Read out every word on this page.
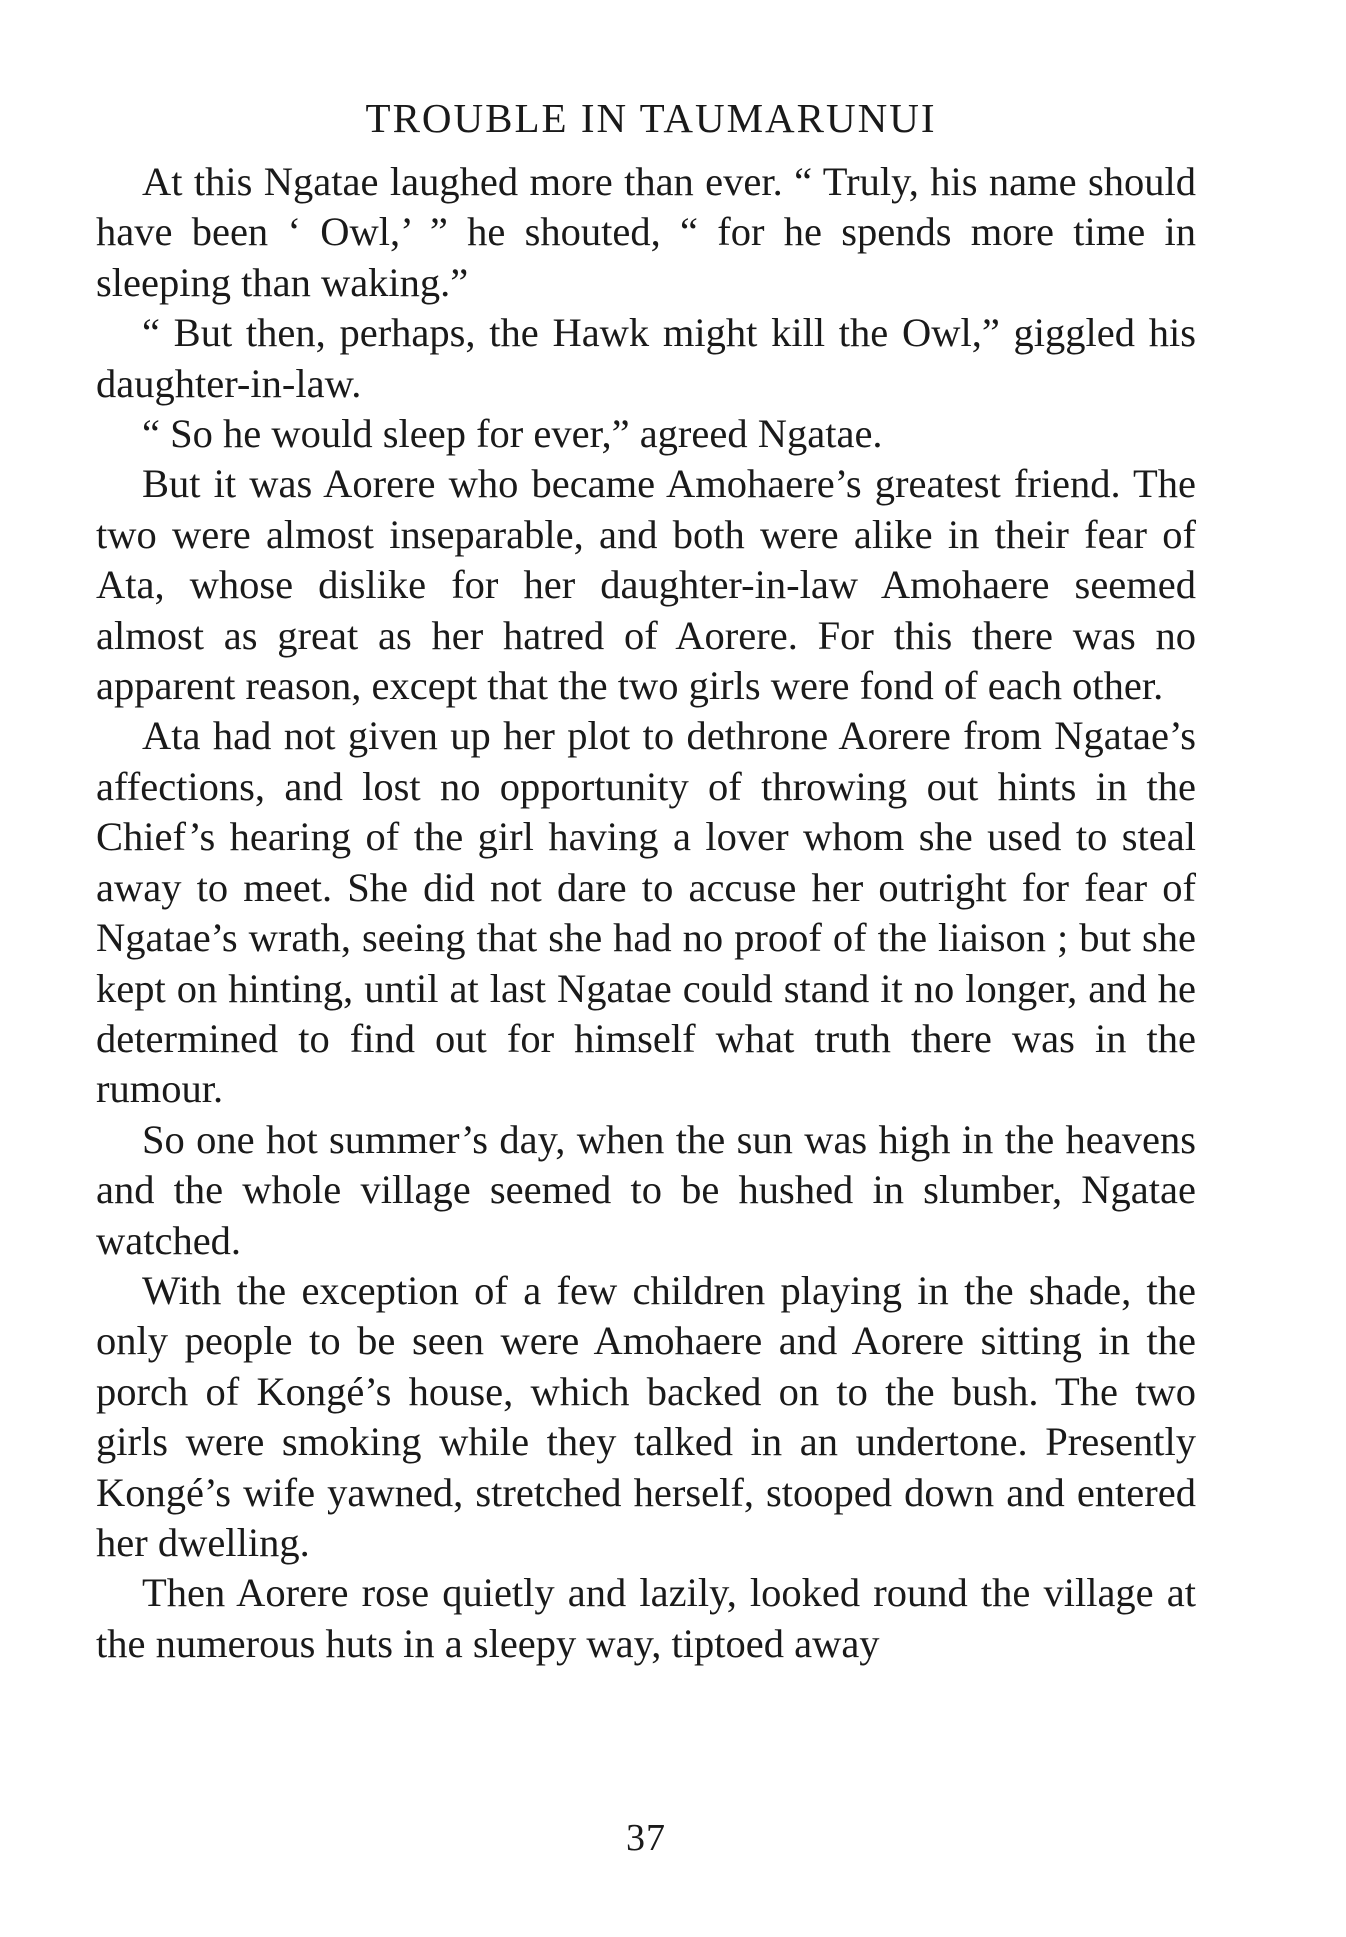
TROUBLE IN TAUMARUNUI

At this Ngatae laughed more than ever. “ Truly, his name should have been ‘ Owl,’ ” he shouted, “ for he spends more time in sleeping than waking.”

“ But then, perhaps, the Hawk might kill the Owl,” giggled his daughter-in-law.

“ So he would sleep for ever,” agreed Ngatae.

But it was Aorere who became Amohaere’s greatest friend. The two were almost inseparable, and both were alike in their fear of Ata, whose dislike for her daughter-in-law Amohaere seemed almost as great as her hatred of Aorere. For this there was no apparent reason, except that the two girls were fond of each other.

Ata had not given up her plot to dethrone Aorere from Ngatae’s affections, and lost no opportunity of throwing out hints in the Chief’s hearing of the girl having a lover whom she used to steal away to meet. She did not dare to accuse her outright for fear of Ngatae’s wrath, seeing that she had no proof of the liaison ; but she kept on hinting, until at last Ngatae could stand it no longer, and he determined to find out for himself what truth there was in the rumour.

So one hot summer’s day, when the sun was high in the heavens and the whole village seemed to be hushed in slumber, Ngatae watched.

With the exception of a few children playing in the shade, the only people to be seen were Amohaere and Aorere sitting in the porch of Kongé’s house, which backed on to the bush. The two girls were smoking while they talked in an undertone. Presently Kongé’s wife yawned, stretched herself, stooped down and entered her dwelling.

Then Aorere rose quietly and lazily, looked round the village at the numerous huts in a sleepy way, tiptoed away

37
